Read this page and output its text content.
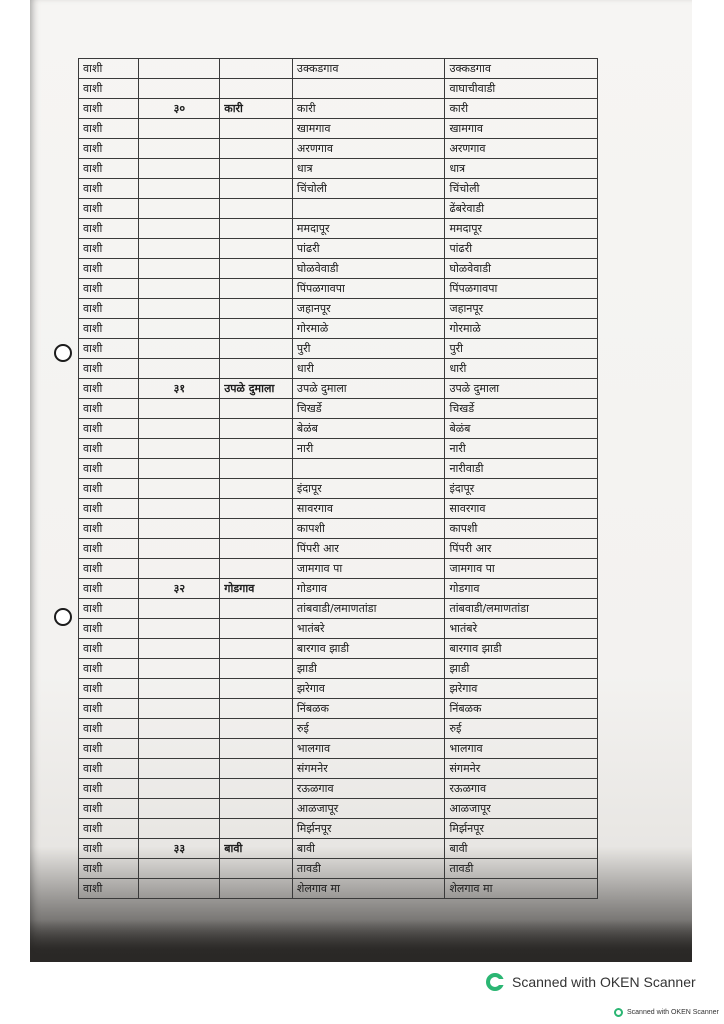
वाशी			उक्कडगाव	उक्कडगाव
वाशी				वाघाचीवाडी
वाशी	३०	कारी	कारी	कारी
वाशी			खामगाव	खामगाव
वाशी			अरणगाव	अरणगाव
वाशी			धात्र	धात्र
वाशी			चिंचोली	चिंचोली
वाशी				ढेंबरेवाडी
वाशी			ममदापूर	ममदापूर
वाशी			पांढरी	पांढरी
वाशी			घोळवेवाडी	घोळवेवाडी
वाशी			पिंपळगावपा	पिंपळगावपा
वाशी			जहानपूर	जहानपूर
वाशी			गोरमाळे	गोरमाळे
वाशी			पुरी	पुरी
वाशी			धारी	धारी
वाशी	३१	उपळे दुमाला	उपळे दुमाला	उपळे दुमाला
वाशी			चिखर्डे	चिखर्डे
वाशी			बेळंब	बेळंब
वाशी			नारी	नारी
वाशी				नारीवाडी
वाशी			इंदापूर	इंदापूर
वाशी			सावरगाव	सावरगाव
वाशी			कापशी	कापशी
वाशी			पिंपरी आर	पिंपरी आर
वाशी			जामगाव पा	जामगाव पा
वाशी	३२	गोडगाव	गोडगाव	गोडगाव
वाशी			तांबवाडी/लमाणतांडा	तांबवाडी/लमाणतांडा
वाशी			भातंबरे	भातंबरे
वाशी			बारगाव झाडी	बारगाव झाडी
वाशी			झाडी	झाडी
वाशी			झरेगाव	झरेगाव
वाशी			निंबळक	निंबळक
वाशी			रुई	रुई
वाशी			भालगाव	भालगाव
वाशी			संगमनेर	संगमनेर
वाशी			रऊळगाव	रऊळगाव
वाशी			आळजापूर	आळजापूर
वाशी			मिर्झनपूर	मिर्झनपूर
वाशी	३३	बावी	बावी	बावी
वाशी			तावडी	तावडी
वाशी			शेलगाव मा	शेलगाव मा
Scanned with OKEN Scanner
Scanned with OKEN Scanner
